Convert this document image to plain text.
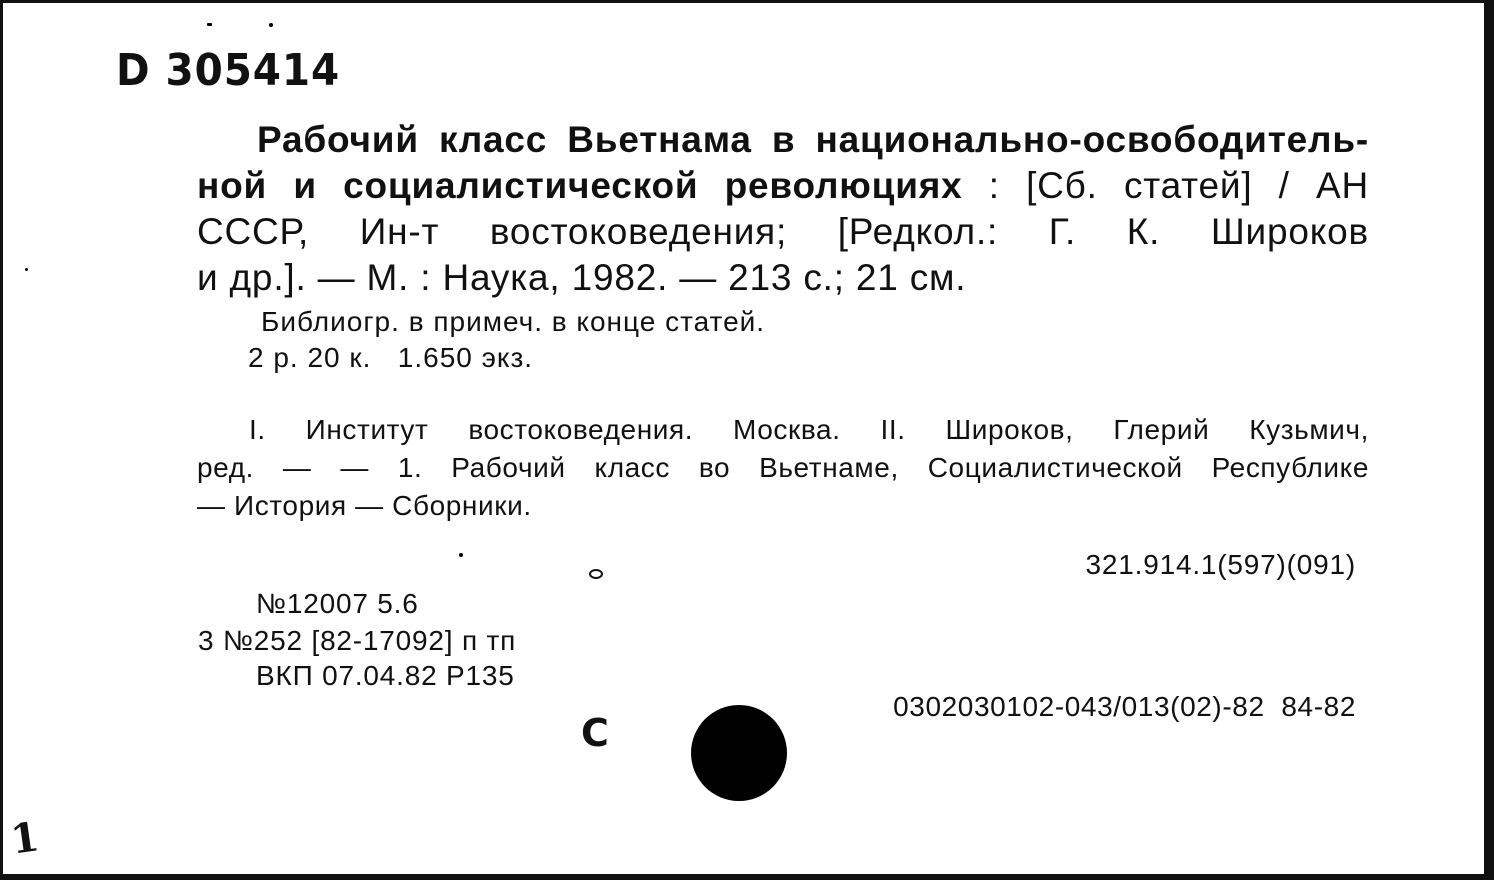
D 305414
Рабочий класс Вьетнама в национально-освободитель-
ной и социалистической революциях : [Сб. статей] / АН
СССР, Ин-т востоковедения; [Редкол.: Г. К. Широков
и др.]. — М. : Наука, 1982. — 213 с.; 21 см.
Библиогр. в примеч. в конце статей.
2 р. 20 к.   1.650 экз.
I. Институт востоковедения. Москва. II. Широков, Глерий Кузьмич,
ред. — — 1. Рабочий класс во Вьетнаме, Социалистической Республике
— История — Сборники.
321.914.1(597)(091)
№12007 5.6
3 №252 [82-17092] п тп
ВКП 07.04.82 Р135
С
0302030102-043/013(02)-82  84-82
1
